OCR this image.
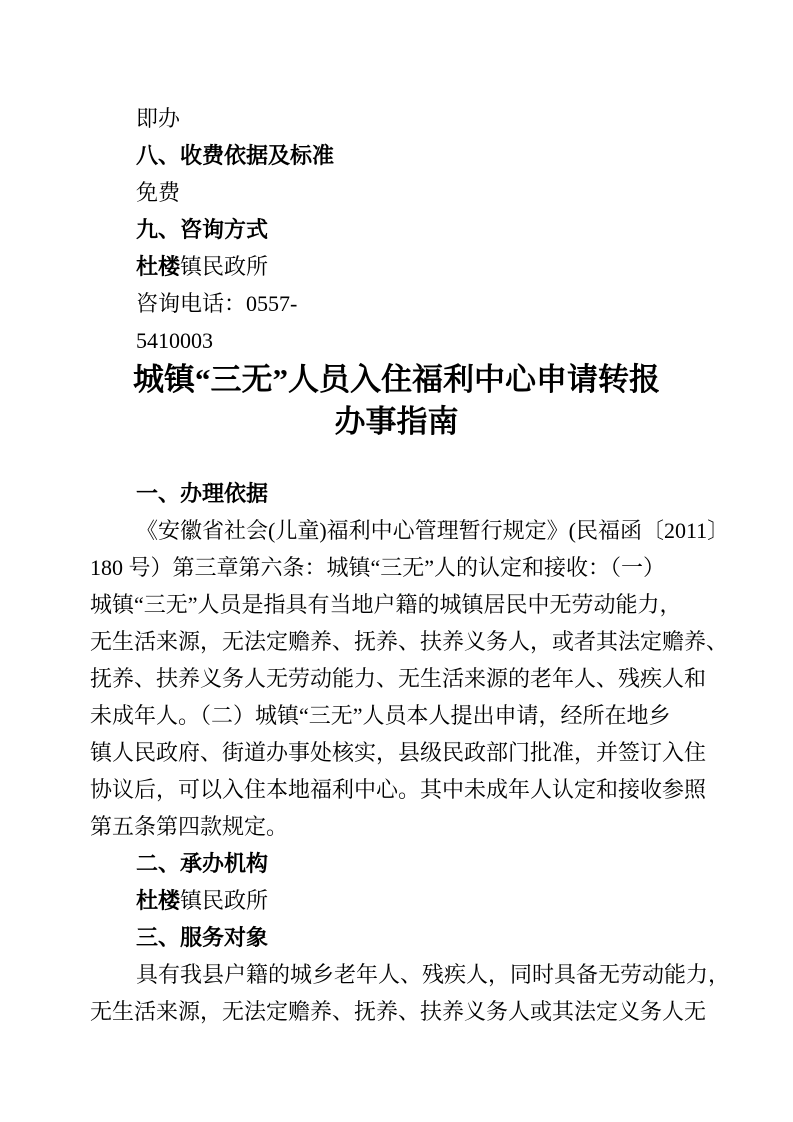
即办

八、收费依据及标准

免费

九、咨询方式

杜楼镇民政所

咨询电话：0557-

5410003

城镇“三无”人员入住福利中心申请转报
办事指南

一、办理依据

《安徽省社会(儿童)福利中心管理暂行规定》(民福函〔2011〕

180 号）第三章第六条：城镇“三无”人的认定和接收：（一）

城镇“三无”人员是指具有当地户籍的城镇居民中无劳动能力，

无生活来源，无法定赡养、抚养、扶养义务人，或者其法定赡养、

抚养、扶养义务人无劳动能力、无生活来源的老年人、残疾人和

未成年人。（二）城镇“三无”人员本人提出申请，经所在地乡

镇人民政府、街道办事处核实，县级民政部门批准，并签订入住

协议后，可以入住本地福利中心。其中未成年人认定和接收参照

第五条第四款规定。

二、承办机构

杜楼镇民政所

三、服务对象

具有我县户籍的城乡老年人、残疾人，同时具备无劳动能力，

无生活来源，无法定赡养、抚养、扶养义务人或其法定义务人无
